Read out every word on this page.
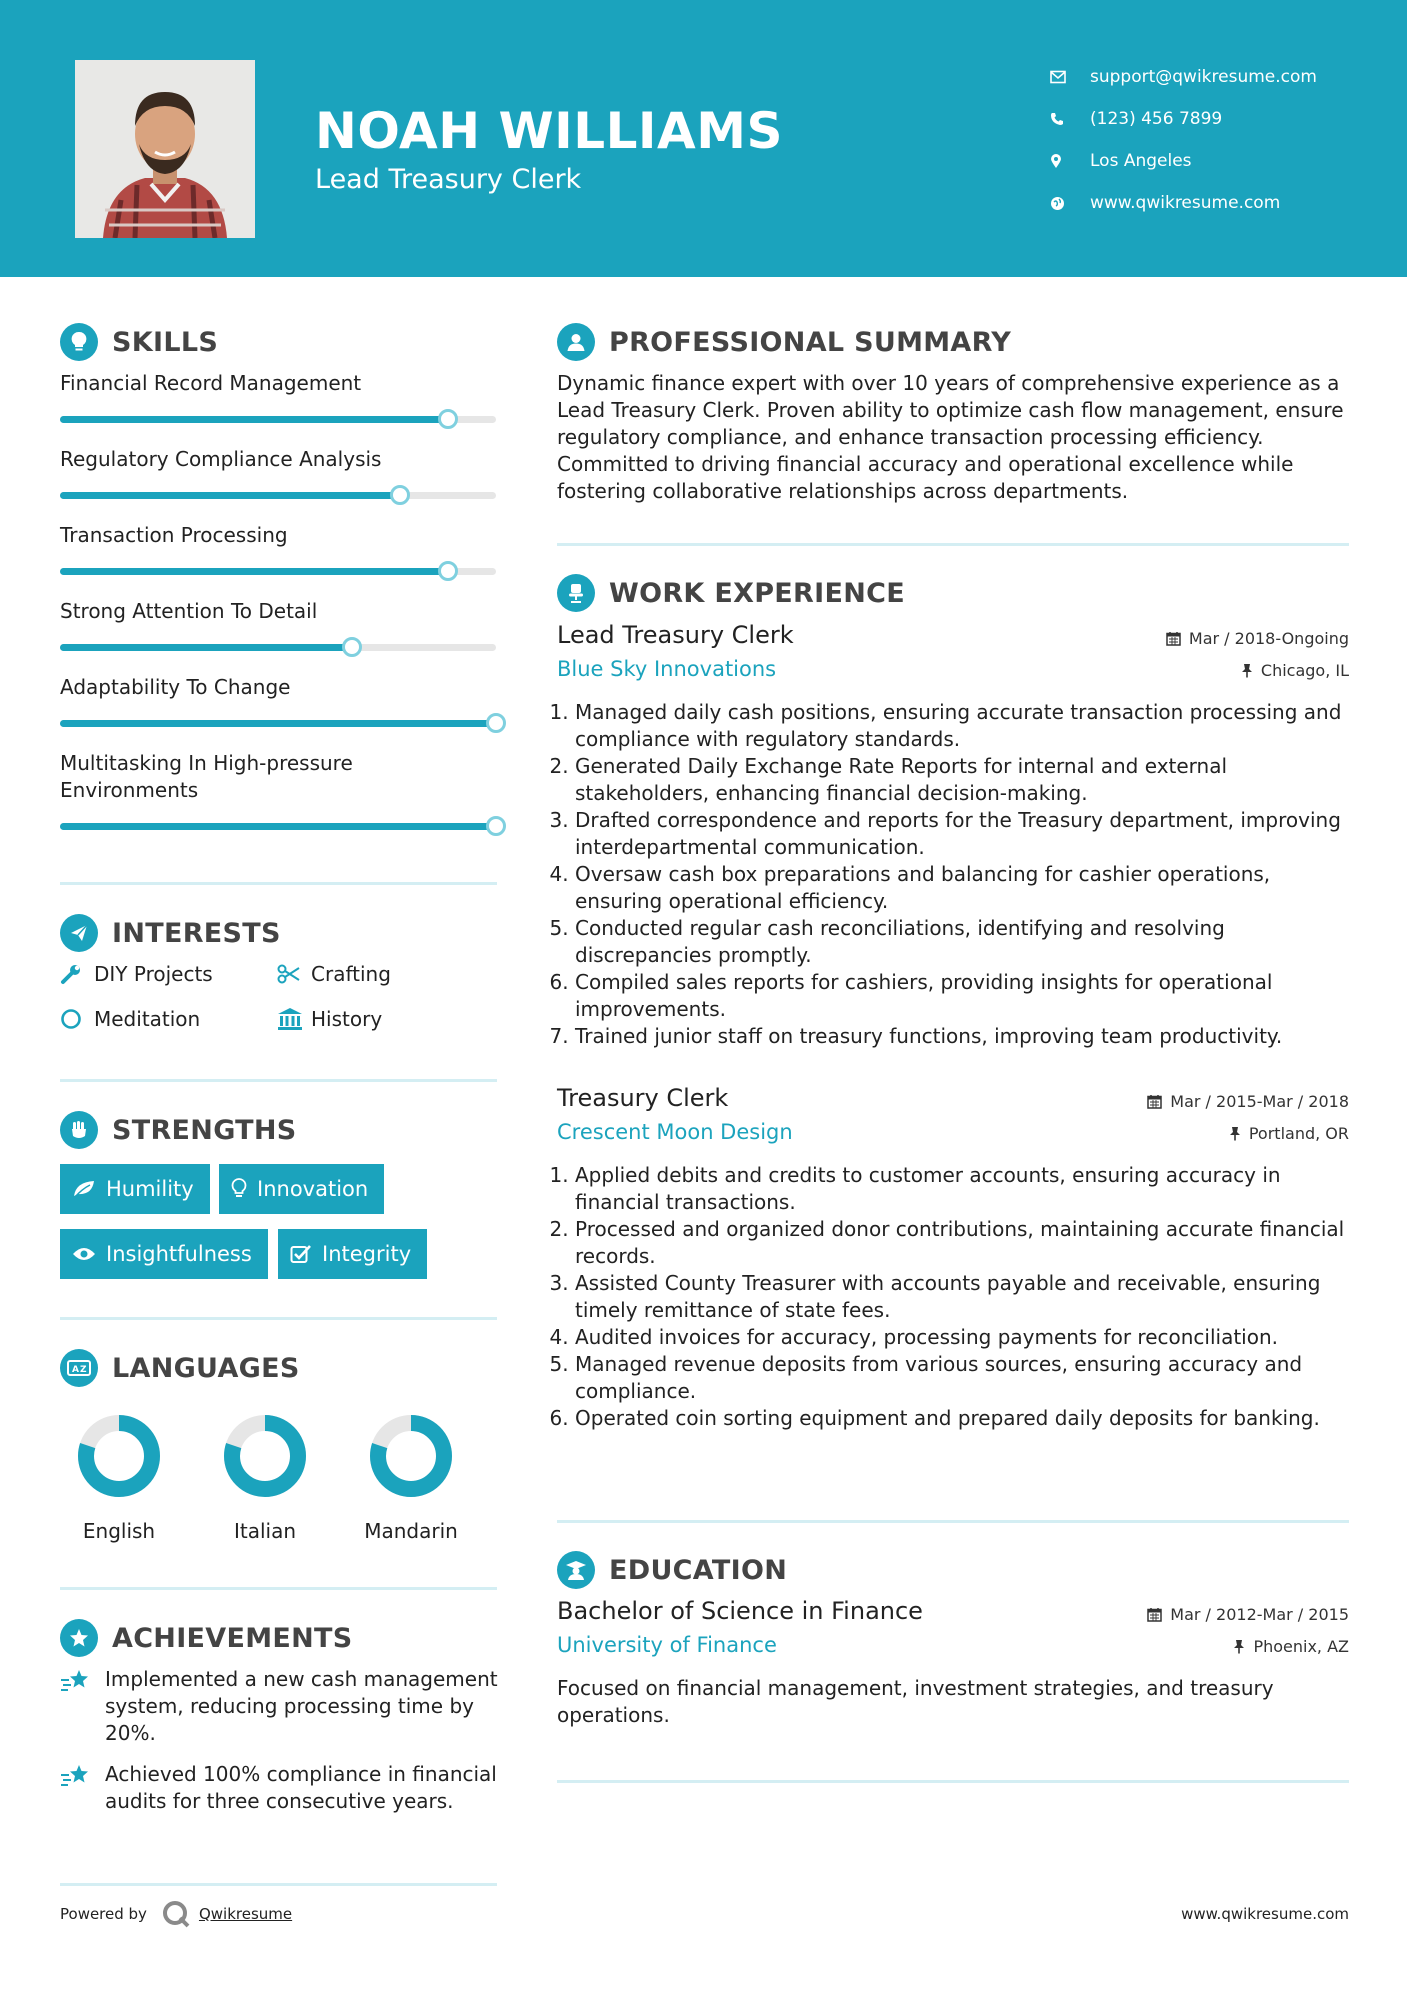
NOAH WILLIAMS
Lead Treasury Clerk
support@qwikresume.com
(123) 456 7899
Los Angeles
www.qwikresume.com
SKILLS
Financial Record Management
Regulatory Compliance Analysis
Transaction Processing
Strong Attention To Detail
Adaptability To Change
Multitasking In High-pressure Environments
INTERESTS
DIY Projects	Crafting
Meditation	History
STRENGTHS
Humility	Innovation
Insightfulness	Integrity
A Z LANGUAGES
English	Italian	Mandarin
ACHIEVEMENTS
Implemented a new cash management system, reducing processing time by 20%.
Achieved 100% compliance in financial audits for three consecutive years.
PROFESSIONAL SUMMARY
Dynamic finance expert with over 10 years of comprehensive experience as a Lead Treasury Clerk. Proven ability to optimize cash flow management, ensure regulatory compliance, and enhance transaction processing efficiency. Committed to driving financial accuracy and operational excellence while fostering collaborative relationships across departments.
WORK EXPERIENCE
Lead Treasury Clerk	Mar / 2018-Ongoing
Blue Sky Innovations	Chicago, IL
1. Managed daily cash positions, ensuring accurate transaction processing and compliance with regulatory standards.
2. Generated Daily Exchange Rate Reports for internal and external stakeholders, enhancing financial decision-making.
3. Drafted correspondence and reports for the Treasury department, improving interdepartmental communication.
4. Oversaw cash box preparations and balancing for cashier operations, ensuring operational efficiency.
5. Conducted regular cash reconciliations, identifying and resolving discrepancies promptly.
6. Compiled sales reports for cashiers, providing insights for operational improvements.
7. Trained junior staff on treasury functions, improving team productivity.
Treasury Clerk	Mar / 2015-Mar / 2018
Crescent Moon Design	Portland, OR
1. Applied debits and credits to customer accounts, ensuring accuracy in financial transactions.
2. Processed and organized donor contributions, maintaining accurate financial records.
3. Assisted County Treasurer with accounts payable and receivable, ensuring timely remittance of state fees.
4. Audited invoices for accuracy, processing payments for reconciliation.
5. Managed revenue deposits from various sources, ensuring accuracy and compliance.
6. Operated coin sorting equipment and prepared daily deposits for banking.
EDUCATION
Bachelor of Science in Finance	Mar / 2012-Mar / 2015
University of Finance	Phoenix, AZ
Focused on financial management, investment strategies, and treasury operations.
Powered by	Qwikresume	www.qwikresume.com
